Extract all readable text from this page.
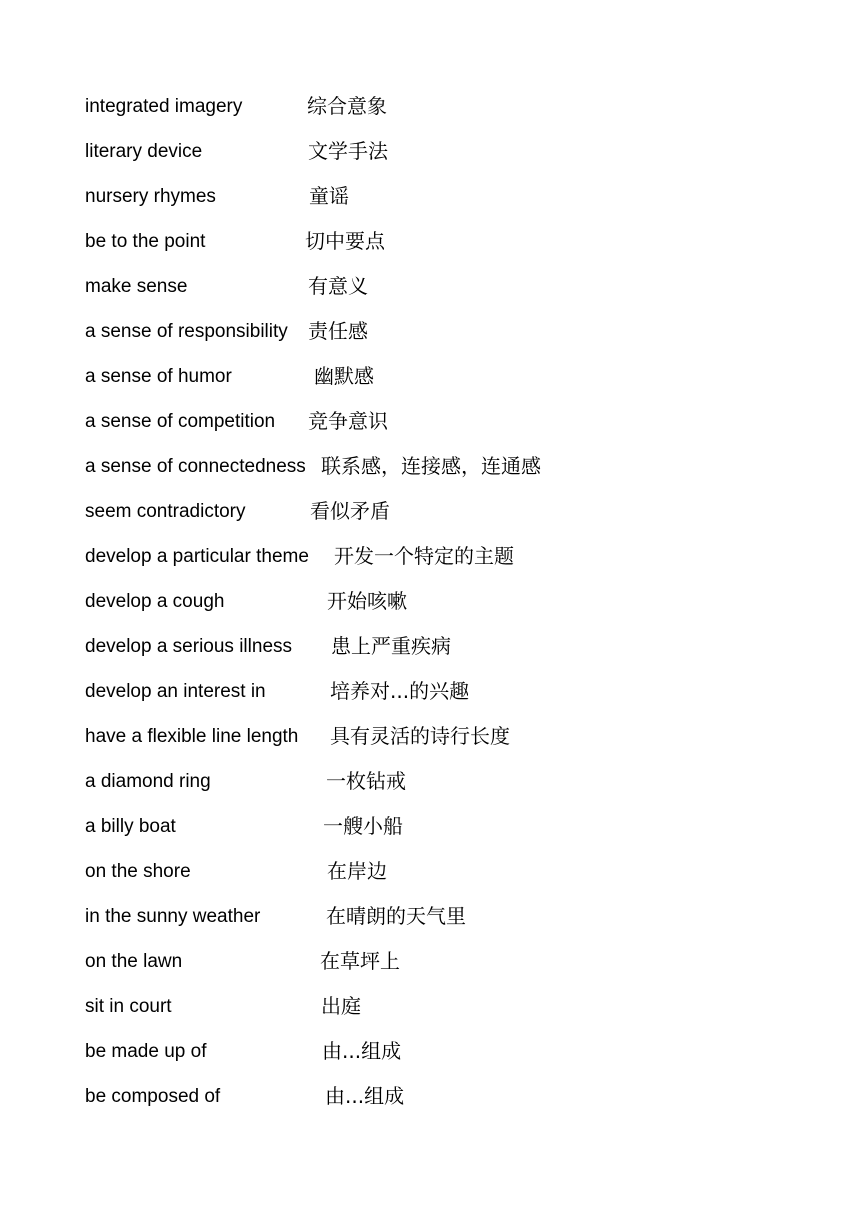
integrated imagery	综合意象
literary device	文学手法
nursery rhymes	童谣
be to the point	切中要点
make sense	有意义
a sense of responsibility 责任感
a sense of humor	幽默感
a sense of competition 竞争意识
a sense of connectedness 联系感，连接感，连通感
seem contradictory	看似矛盾
develop a particular theme 开发一个特定的主题
develop a cough	开始咳嗽
develop a serious illness 患上严重疾病
develop an interest in	培养对...的兴趣
have a flexible line length 具有灵活的诗行长度
a diamond ring	一枚钻戒
a billy boat	一艘小船
on the shore	在岸边
in the sunny weather	在晴朗的天气里
on the lawn	在草坪上
sit in court	出庭
be made up of	由...组成
be composed of	由...组成
